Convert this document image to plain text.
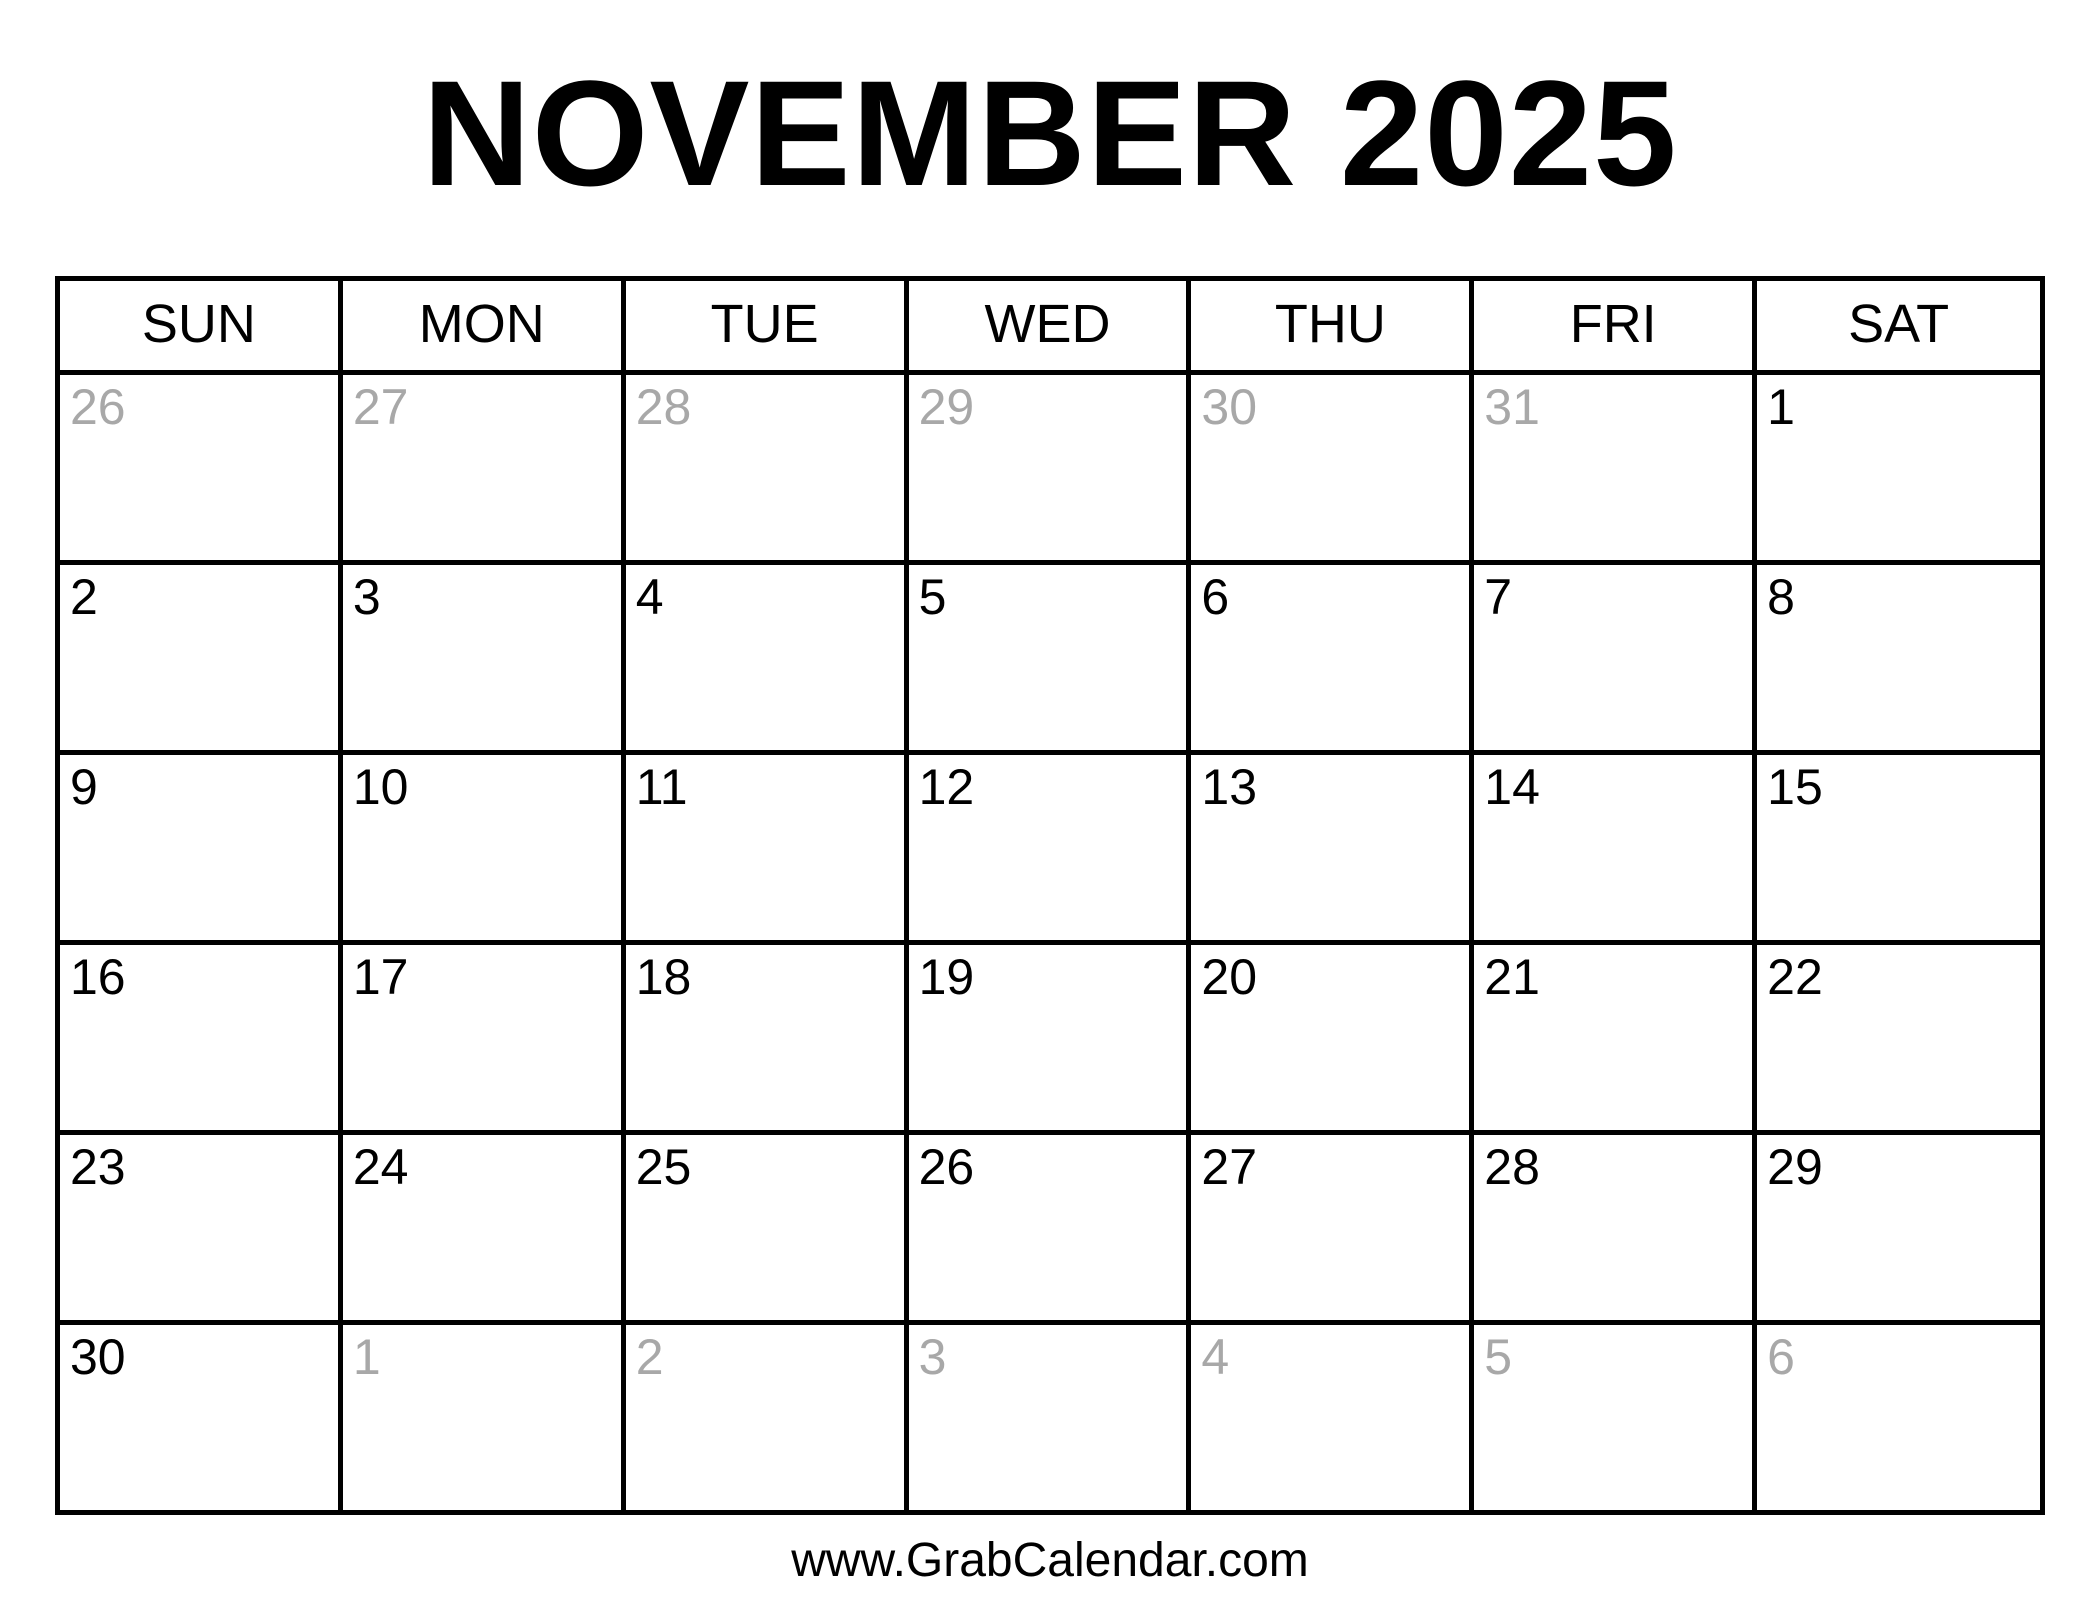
NOVEMBER 2025
SUN	MON	TUE	WED	THU	FRI	SAT
26	27	28	29	30	31	1
2	3	4	5	6	7	8
9	10	11	12	13	14	15
16	17	18	19	20	21	22
23	24	25	26	27	28	29
30	1	2	3	4	5	6
www.GrabCalendar.com
